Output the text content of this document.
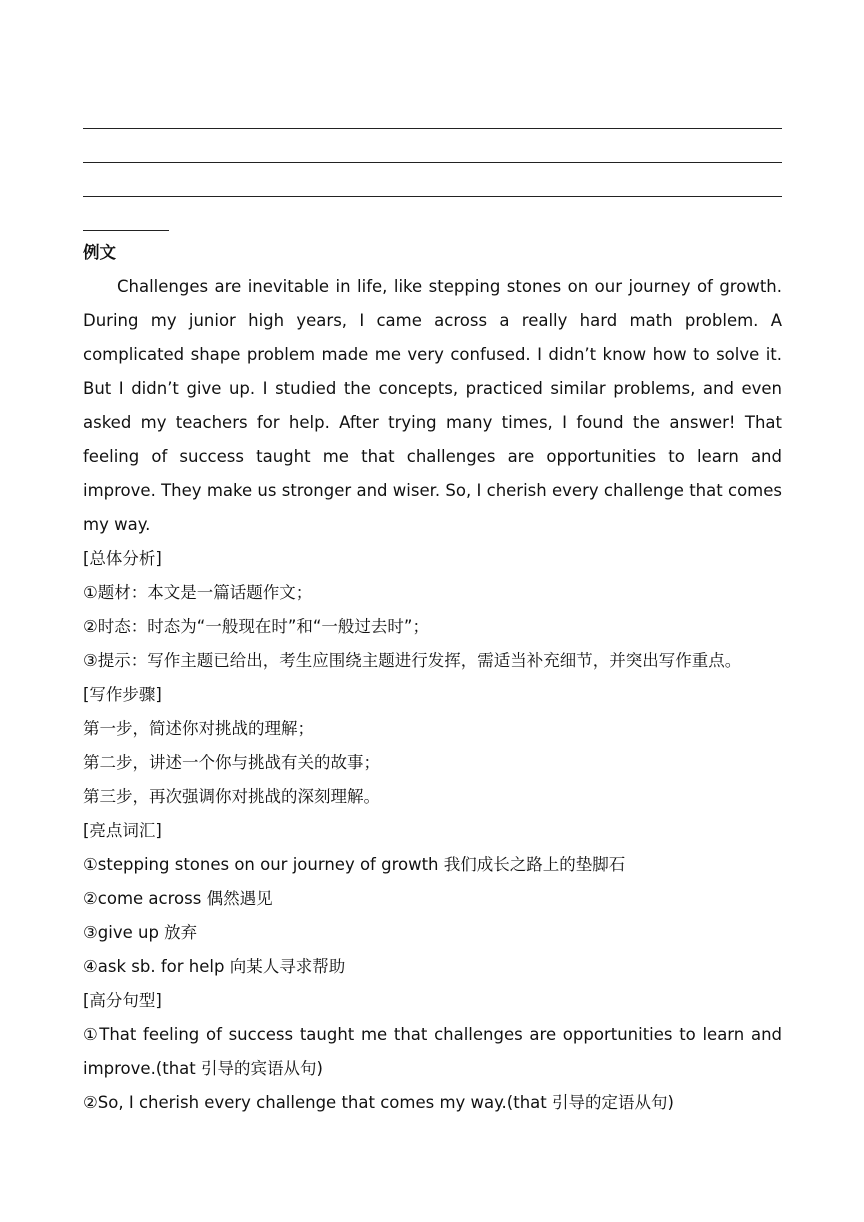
例文

Challenges are inevitable in life, like stepping stones on our journey of growth. During my junior high years, I came across a really hard math problem. A complicated shape problem made me very confused. I didn’t know how to solve it. But I didn’t give up. I studied the concepts, practiced similar problems, and even asked my teachers for help. After trying many times, I found the answer! That feeling of success taught me that challenges are opportunities to learn and improve. They make us stronger and wiser. So, I cherish every challenge that comes my way.

[总体分析]
①题材：本文是一篇话题作文；
②时态：时态为“一般现在时”和“一般过去时”；
③提示：写作主题已给出，考生应围绕主题进行发挥，需适当补充细节，并突出写作重点。
[写作步骤]
第一步，简述你对挑战的理解；
第二步，讲述一个你与挑战有关的故事；
第三步，再次强调你对挑战的深刻理解。
[亮点词汇]
①stepping stones on our journey of growth 我们成长之路上的垫脚石
②come across 偶然遇见
③give up 放弃
④ask sb. for help 向某人寻求帮助
[高分句型]

①That feeling of success taught me that challenges are opportunities to learn and improve.(that 引导的宾语从句)

②So, I cherish every challenge that comes my way.(that 引导的定语从句)
